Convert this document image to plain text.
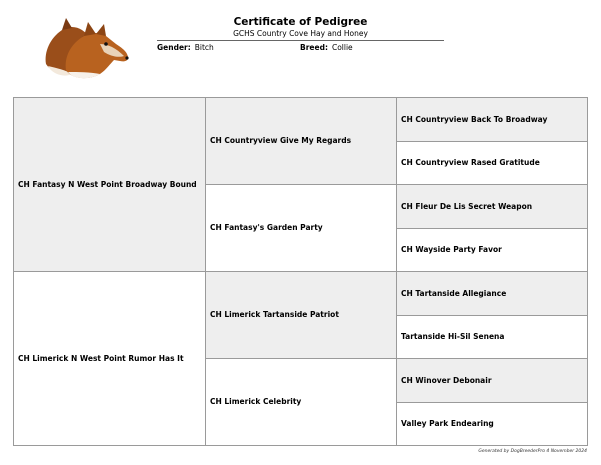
Certificate of Pedigree
GCHS Country Cove Hay and Honey
Gender: Bitch	Breed: Collie
CH Fantasy N West Point Broadway Bound
CH Limerick N West Point Rumor Has It
CH Countryview Give My Regards
CH Fantasy's Garden Party
CH Limerick Tartanside Patriot
CH Limerick Celebrity
CH Countryview Back To Broadway
CH Countryview Rased Gratitude
CH Fleur De Lis Secret Weapon
CH Wayside Party Favor
CH Tartanside Allegiance
Tartanside Hi-Sil Senena
CH Winover Debonair
Valley Park Endearing
Generated by DogBreederPro 4 November 2024
